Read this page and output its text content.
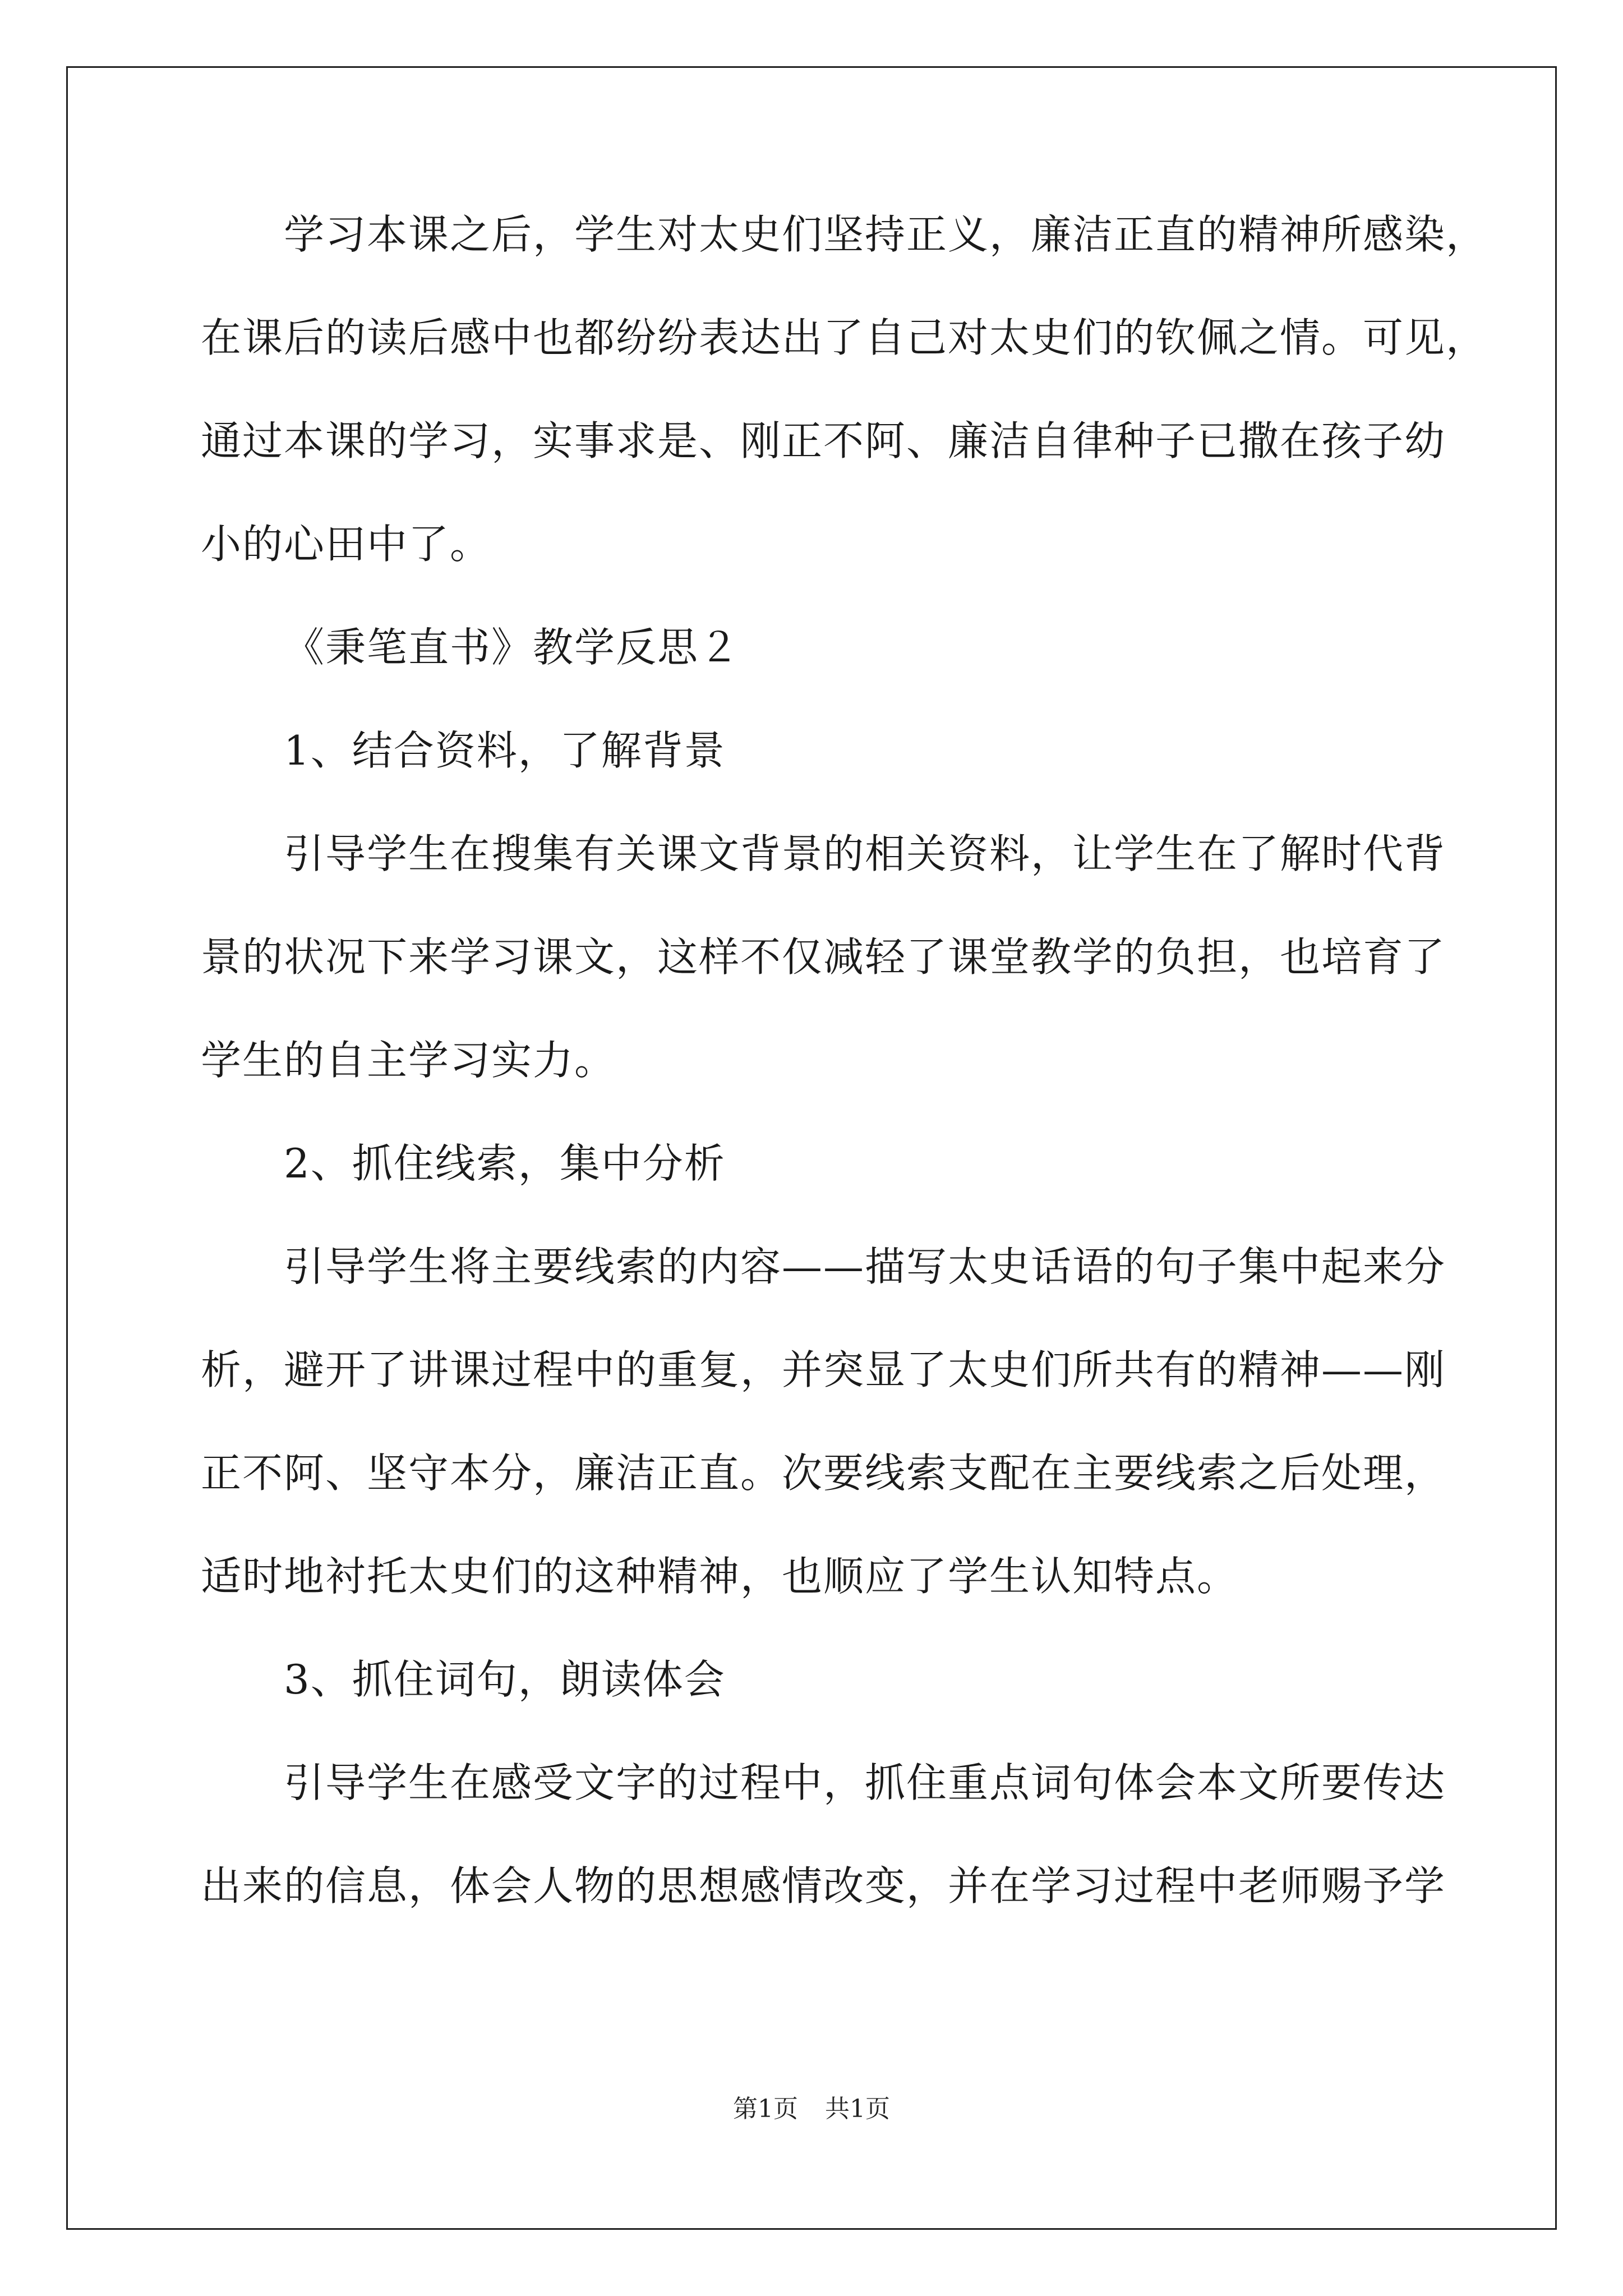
学习本课之后，学生对太史们坚持正义，廉洁正直的精神所感染，
在课后的读后感中也都纷纷表达出了自己对太史们的钦佩之情。可见，
通过本课的学习，实事求是、刚正不阿、廉洁自律种子已撒在孩子幼
小的心田中了。
《秉笔直书》教学反思２
1、结合资料，了解背景
引导学生在搜集有关课文背景的相关资料，让学生在了解时代背
景的状况下来学习课文，这样不仅减轻了课堂教学的负担，也培育了
学生的自主学习实力。
2、抓住线索，集中分析
引导学生将主要线索的内容——描写太史话语的句子集中起来分
析，避开了讲课过程中的重复，并突显了太史们所共有的精神——刚
正不阿、坚守本分，廉洁正直。次要线索支配在主要线索之后处理，
适时地衬托太史们的这种精神，也顺应了学生认知特点。
3、抓住词句，朗读体会
引导学生在感受文字的过程中，抓住重点词句体会本文所要传达
出来的信息，体会人物的思想感情改变，并在学习过程中老师赐予学
第1页 共1页
